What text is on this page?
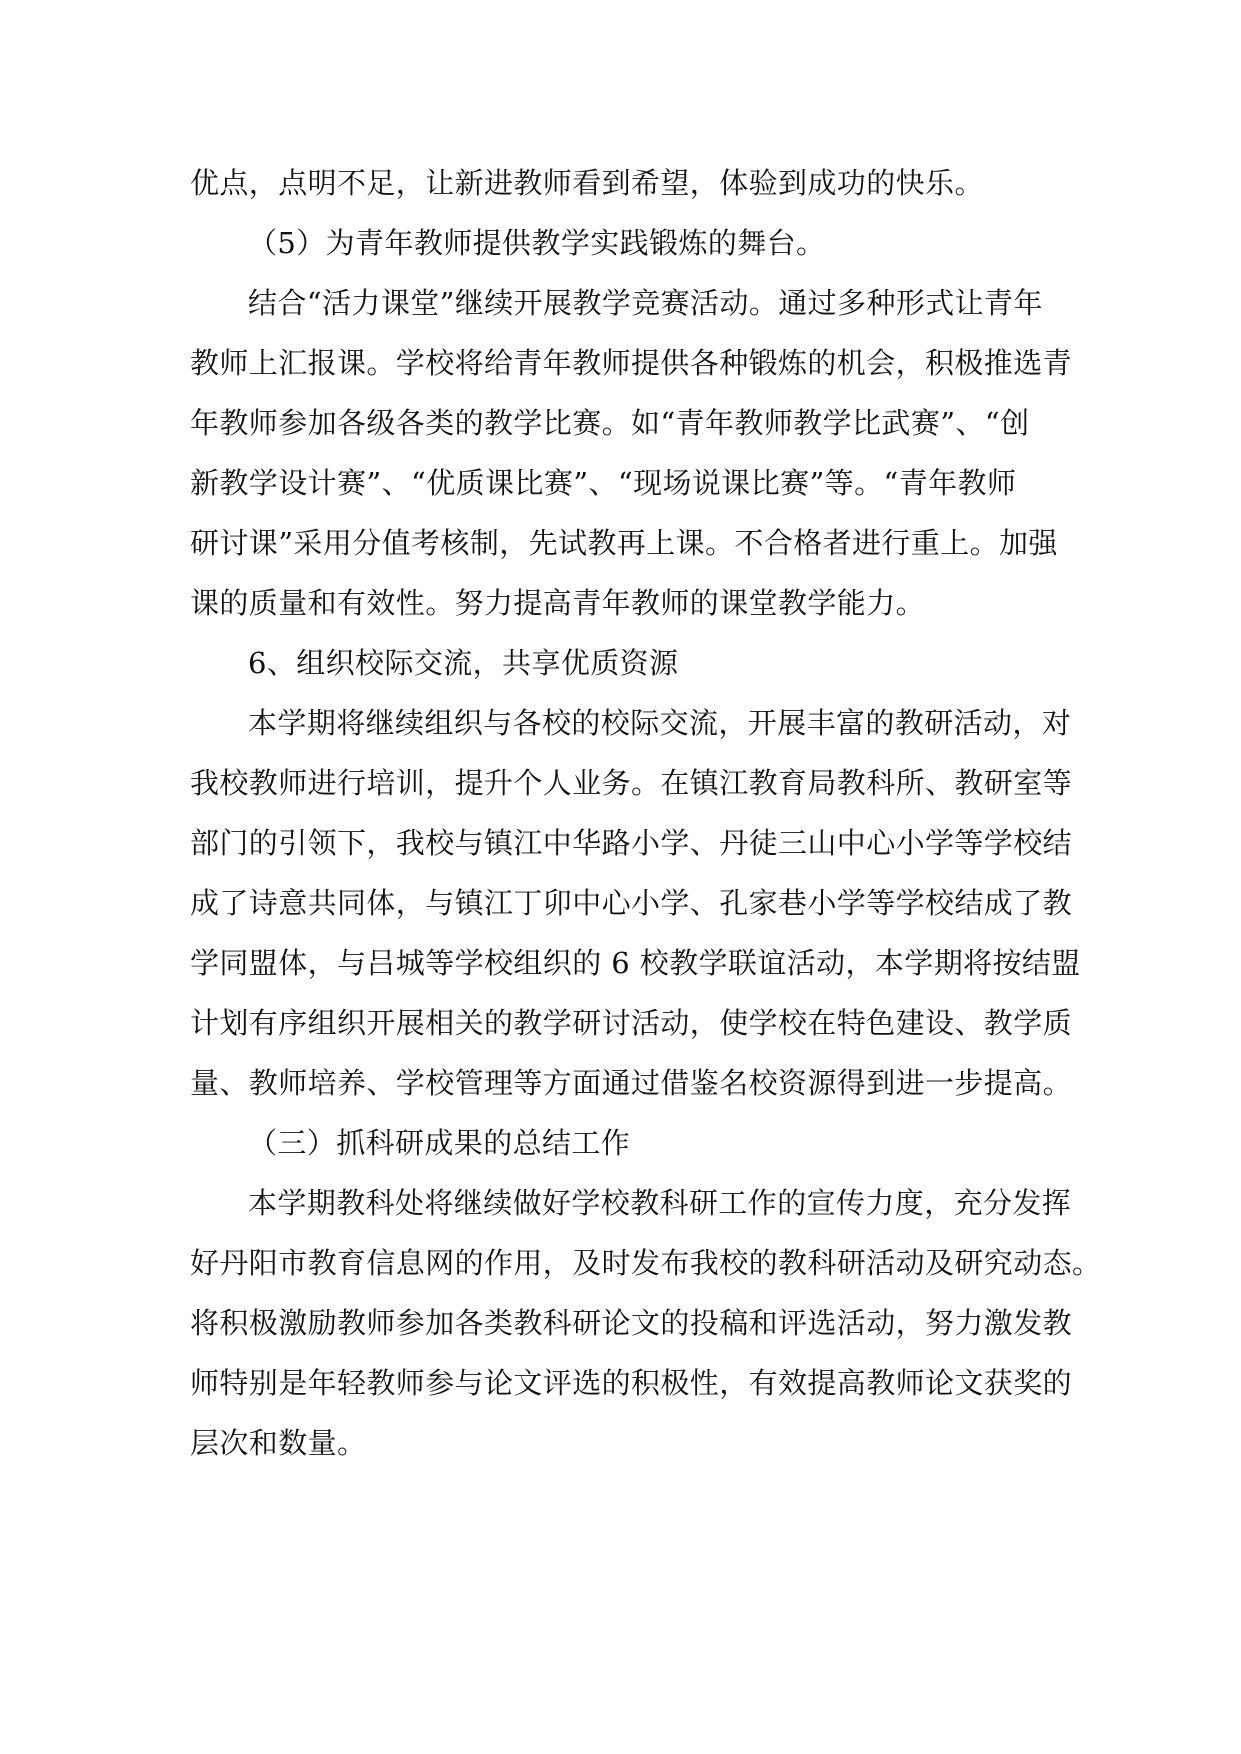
优点，点明不足，让新进教师看到希望，体验到成功的快乐。

（5）为青年教师提供教学实践锻炼的舞台。

结合“活力课堂”继续开展教学竞赛活动。通过多种形式让青年

教师上汇报课。学校将给青年教师提供各种锻炼的机会，积极推选青

年教师参加各级各类的教学比赛。如“青年教师教学比武赛”、“创

新教学设计赛”、“优质课比赛”、“现场说课比赛”等。“青年教师

研讨课”采用分值考核制，先试教再上课。不合格者进行重上。加强

课的质量和有效性。努力提高青年教师的课堂教学能力。

6、组织校际交流，共享优质资源

本学期将继续组织与各校的校际交流，开展丰富的教研活动，对

我校教师进行培训，提升个人业务。在镇江教育局教科所、教研室等

部门的引领下，我校与镇江中华路小学、丹徒三山中心小学等学校结

成了诗意共同体，与镇江丁卯中心小学、孔家巷小学等学校结成了教

学同盟体，与吕城等学校组织的 6 校教学联谊活动，本学期将按结盟

计划有序组织开展相关的教学研讨活动，使学校在特色建设、教学质

量、教师培养、学校管理等方面通过借鉴名校资源得到进一步提高。

（三）抓科研成果的总结工作

本学期教科处将继续做好学校教科研工作的宣传力度，充分发挥

好丹阳市教育信息网的作用，及时发布我校的教科研活动及研究动态。

将积极激励教师参加各类教科研论文的投稿和评选活动，努力激发教

师特别是年轻教师参与论文评选的积极性，有效提高教师论文获奖的

层次和数量。
